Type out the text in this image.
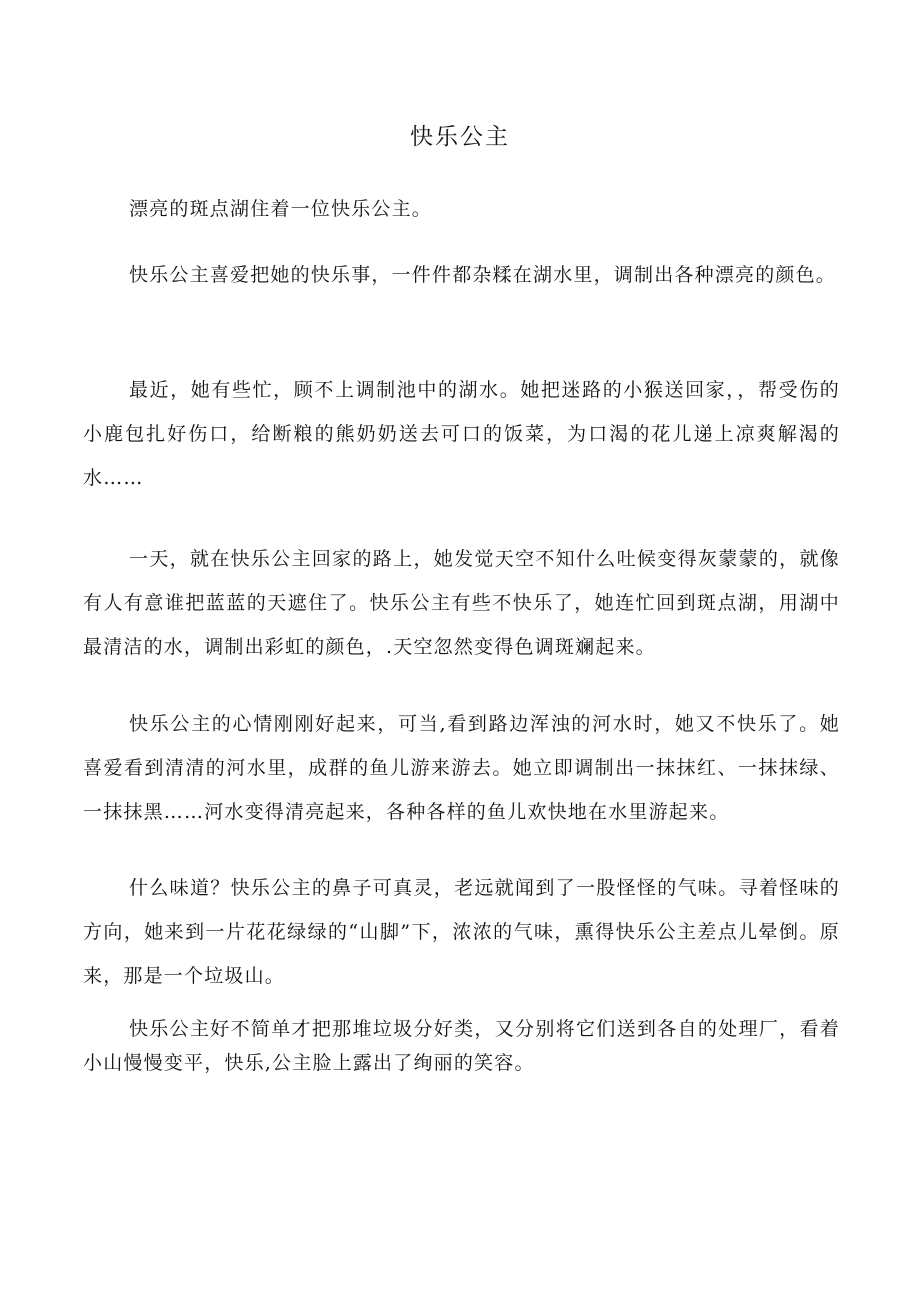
快乐公主

漂亮的斑点湖住着一位快乐公主。

快乐公主喜爱把她的快乐事，一件件都杂糅在湖水里，调制出各种漂亮的颜色。

最近，她有些忙，顾不上调制池中的湖水。她把迷路的小猴送回家，，帮受伤的小鹿包扎好伤口，给断粮的熊奶奶送去可口的饭菜，为口渴的花儿递上凉爽解渴的水……

一天，就在快乐公主回家的路上，她发觉天空不知什么吐候变得灰蒙蒙的，就像有人有意谁把蓝蓝的天遮住了。快乐公主有些不快乐了，她连忙回到斑点湖，用湖中最清洁的水，调制出彩虹的颜色，.天空忽然变得色调斑斓起来。

快乐公主的心情刚刚好起来，可当,看到路边浑浊的河水时，她又不快乐了。她喜爱看到清清的河水里，成群的鱼儿游来游去。她立即调制出一抹抹红、一抹抹绿、一抹抹黑……河水变得清亮起来，各种各样的鱼儿欢快地在水里游起来。

什么味道？快乐公主的鼻子可真灵，老远就闻到了一股怪怪的气味。寻着怪味的方向，她来到一片花花绿绿的“山脚”下，浓浓的气味，熏得快乐公主差点儿晕倒。原来，那是一个垃圾山。

快乐公主好不简单才把那堆垃圾分好类，又分别将它们送到各自的处理厂，看着小山慢慢变平，快乐,公主脸上露出了绚丽的笑容。
